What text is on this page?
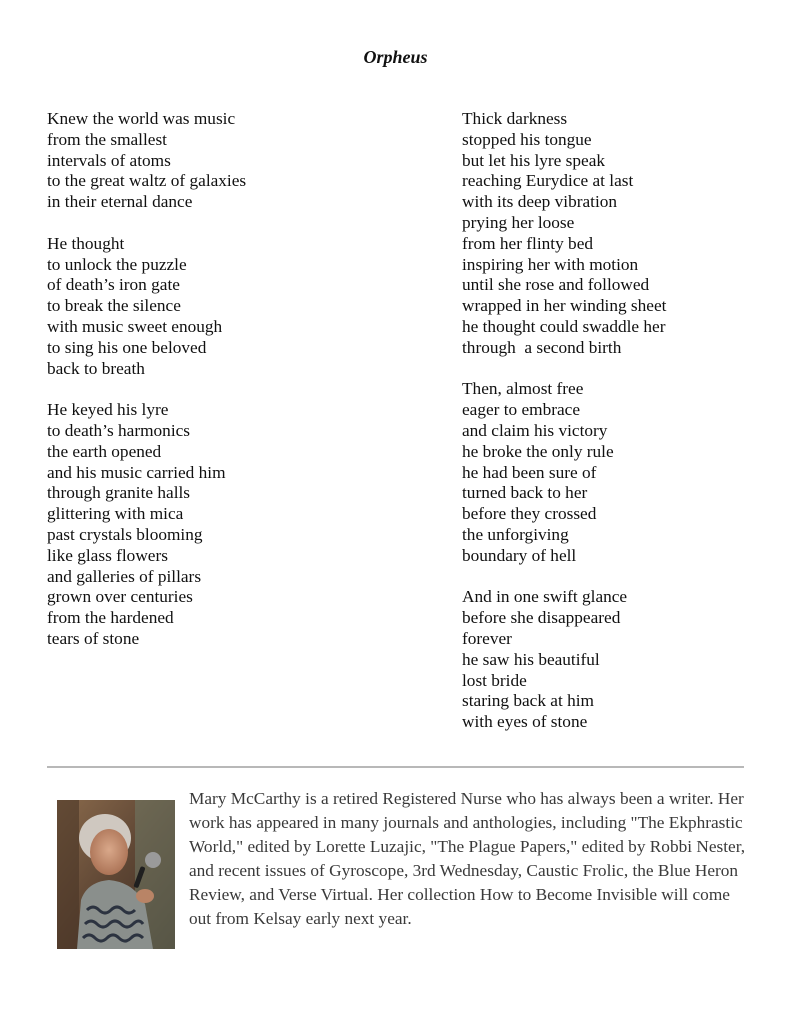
Orpheus
Knew the world was music
from the smallest
intervals of atoms
to the great waltz of galaxies
in their eternal dance
He thought
to unlock the puzzle
of death’s iron gate
to break the silence
with music sweet enough
to sing his one beloved
back to breath
He keyed his lyre
to death’s harmonics
the earth opened
and his music carried him
through granite halls
glittering with mica
past crystals blooming
like glass flowers
and galleries of pillars
grown over centuries
from the hardened
tears of stone
Thick darkness
stopped his tongue
but let his lyre speak
reaching Eurydice at last
with its deep vibration
prying her loose
from her flinty bed
inspiring her with motion
until she rose and followed
wrapped in her winding sheet
he thought could swaddle her
through  a second birth
Then, almost free
eager to embrace
and claim his victory
he broke the only rule
he had been sure of
turned back to her
before they crossed
the unforgiving
boundary of hell
And in one swift glance
before she disappeared
forever
he saw his beautiful
lost bride
staring back at him
with eyes of stone
Mary McCarthy is a retired Registered Nurse who has always been a writer. Her work has appeared in many journals and anthologies, including "The Ekphrastic World," edited by Lorette Luzajic, "The Plague Papers," edited by Robbi Nester, and recent issues of Gyroscope, 3rd Wednesday, Caustic Frolic, the Blue Heron Review, and Verse Virtual. Her collection How to Become Invisible will come out from Kelsay early next year.
